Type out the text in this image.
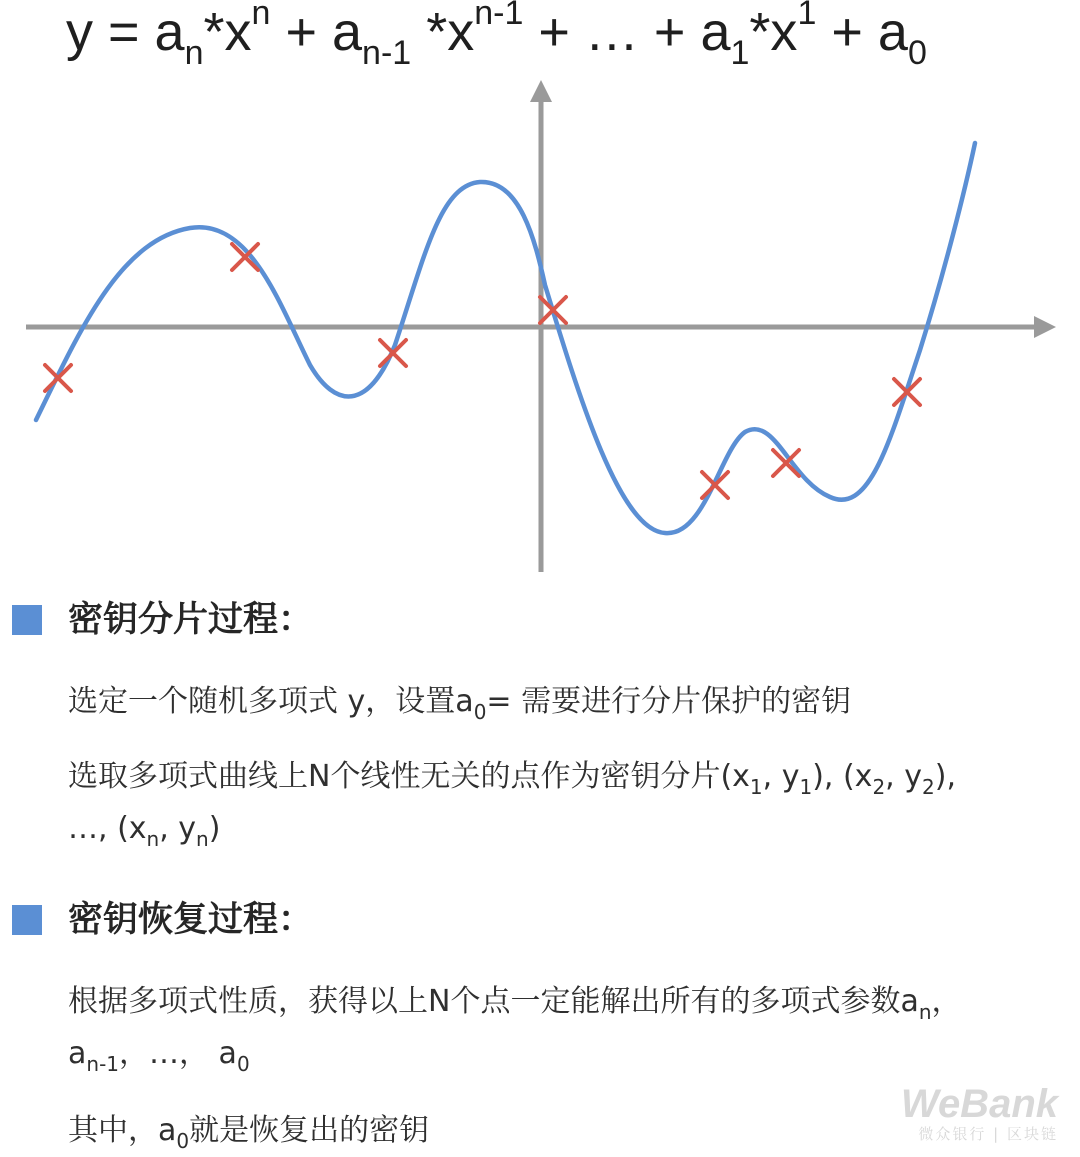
$y = a_n*x^n + a_{n-1}$ $*x^{n-1}$ + … + $a_1*x^1 + a_0$
密钥分片过程：
选定一个随机多项式 y，设置$a_0=$ 需要进行分片保护的密钥
选取多项式曲线上N个线性无关的点作为密钥分片($x_1$, $y_1$), ($x_2$, $y_2$),
…, ($x_n$, $y_n$)
密钥恢复过程：
根据多项式性质，获得以上N个点一定能解出所有的多项式参数$a_n$，
$a_{n-1}$，…， $a_0$
其中，$a_0$就是恢复出的密钥
WeBank
微众银行 | 区块链
